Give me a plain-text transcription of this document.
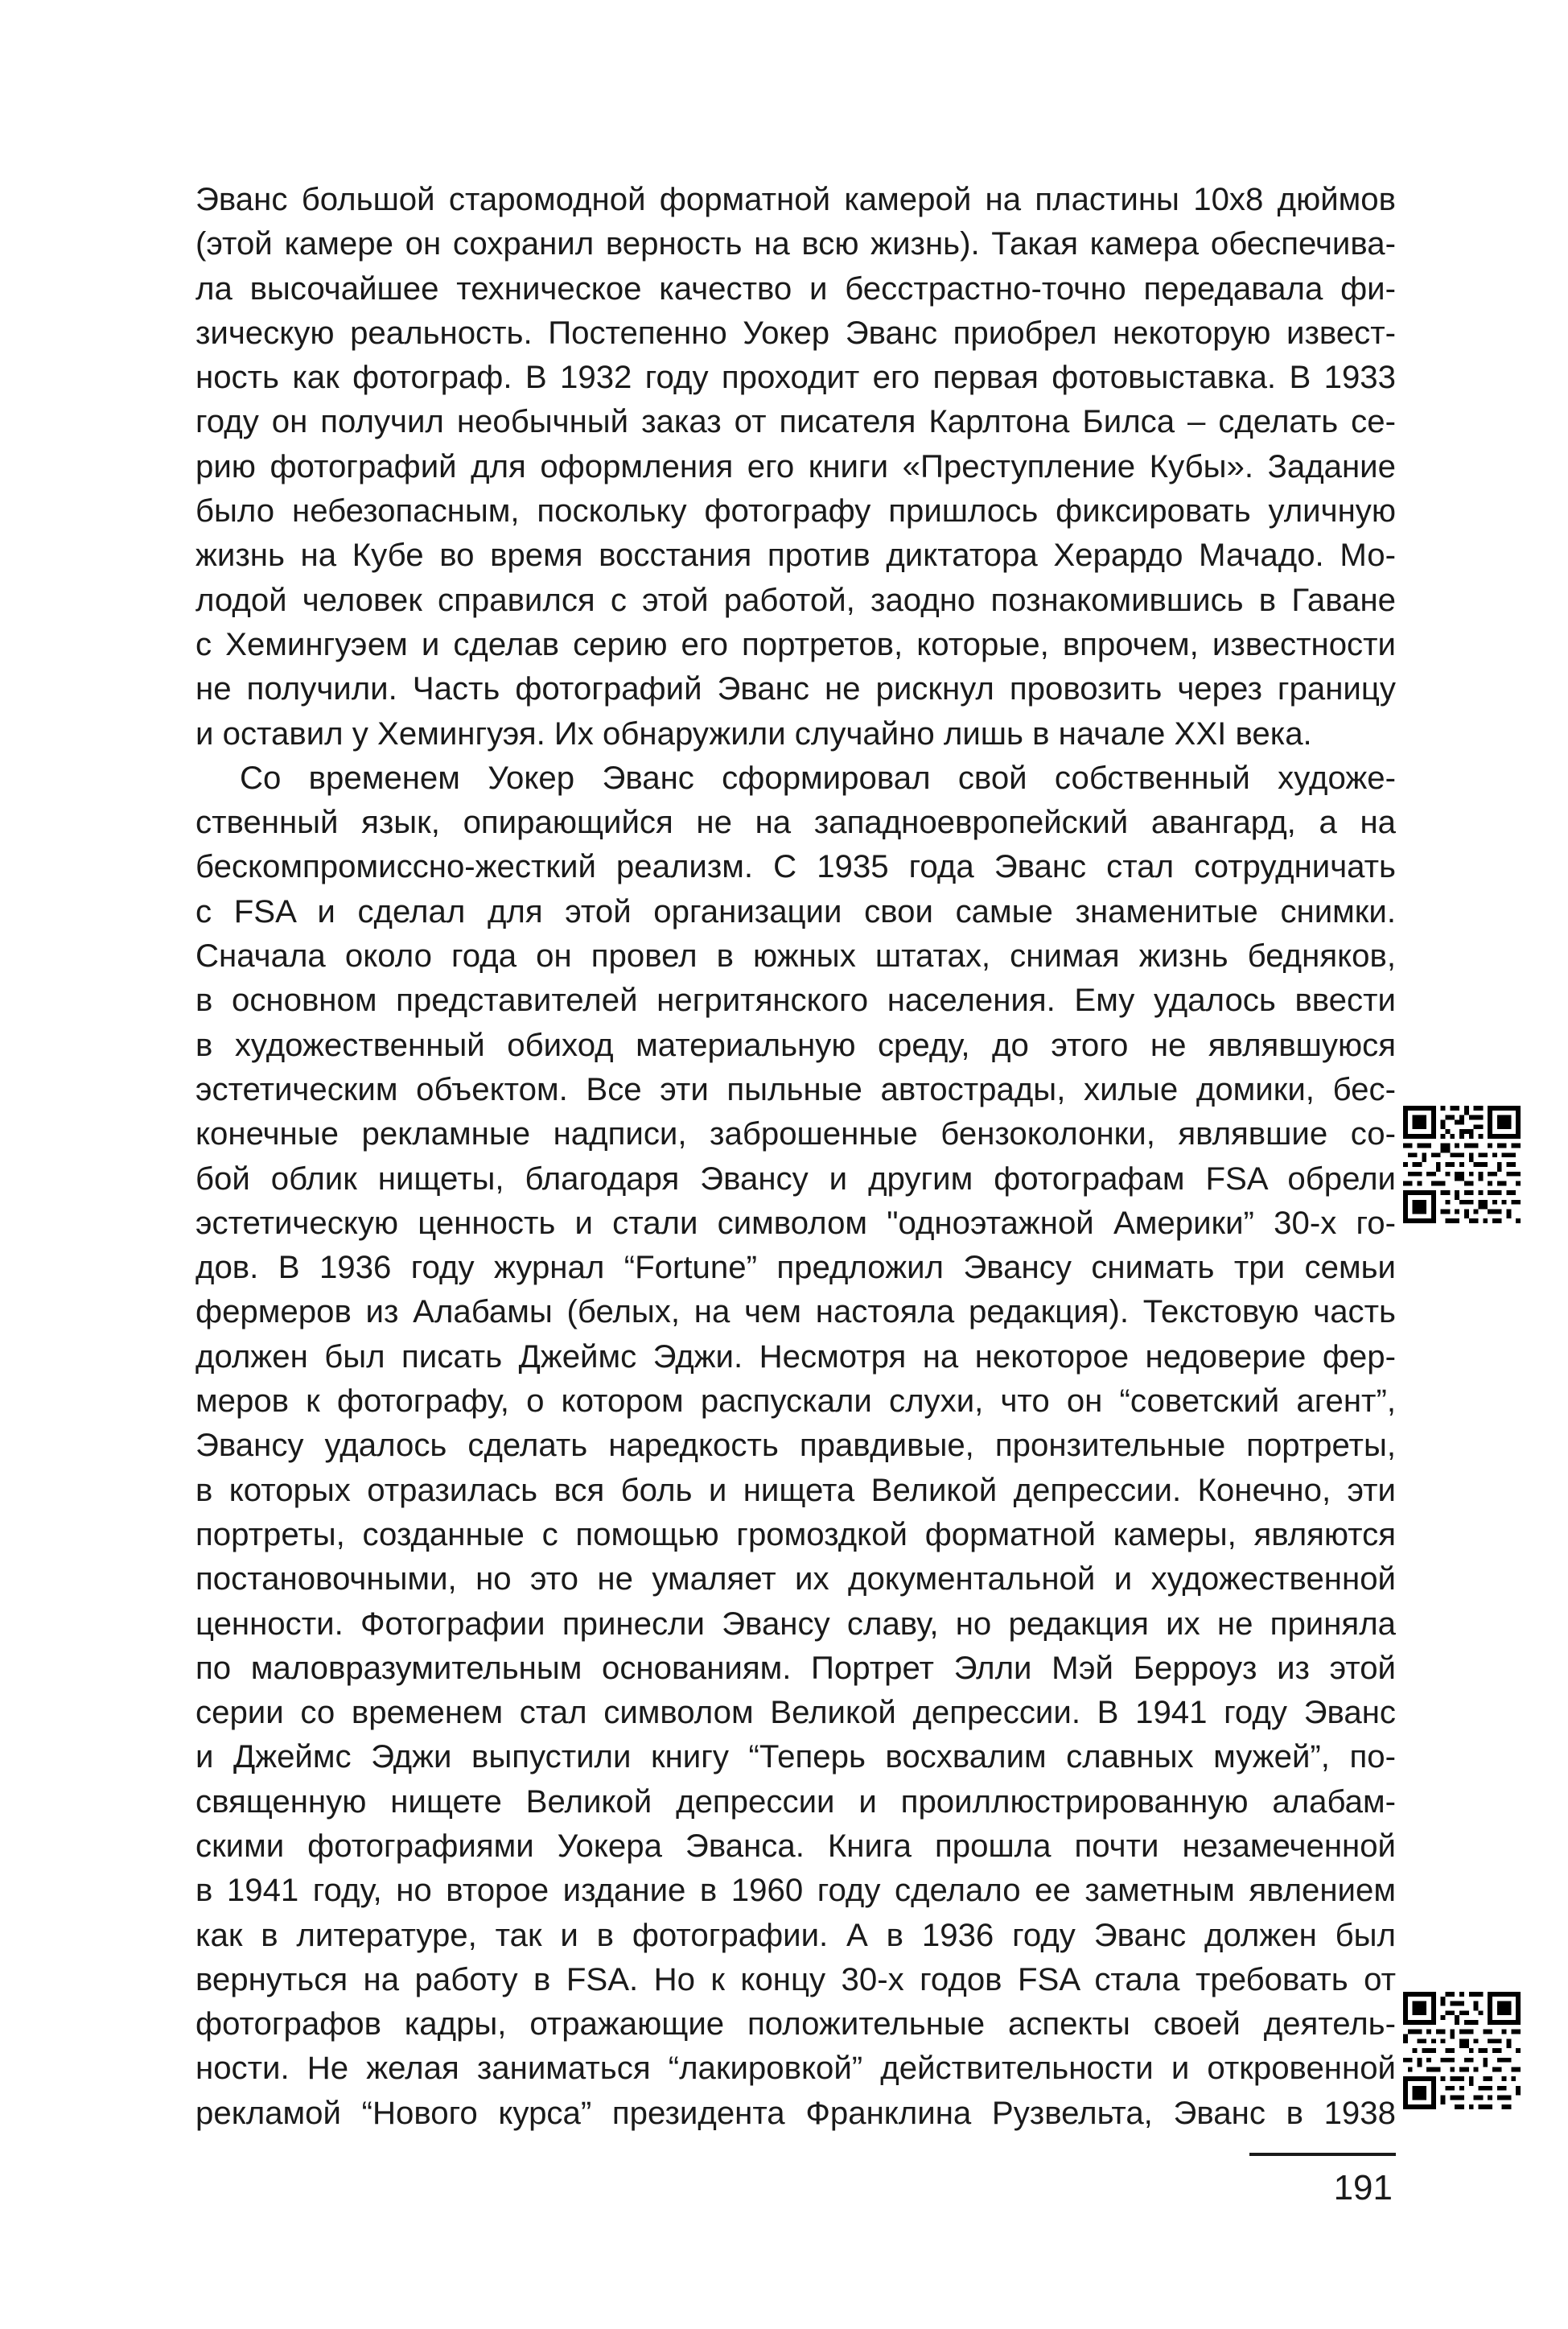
Эванс большой старомодной форматной камерой на пластины 10х8 дюймов
(этой камере он сохранил верность на всю жизнь). Такая камера обеспечива-
ла высочайшее техническое качество и бесстрастно-точно передавала фи-
зическую реальность. Постепенно Уокер Эванс приобрел некоторую извест-
ность как фотограф. В 1932 году проходит его первая фотовыставка. В 1933
году он получил необычный заказ от писателя Карлтона Билса – сделать се-
рию фотографий для оформления его книги «Преступление Кубы». Задание
было небезопасным, поскольку фотографу пришлось фиксировать уличную
жизнь на Кубе во время восстания против диктатора Херардо Мачадо. Мо-
лодой человек справился с этой работой, заодно познакомившись в Гаване
с Хемингуэем и сделав серию его портретов, которые, впрочем, известности
не получили. Часть фотографий Эванс не рискнул провозить через границу
и оставил у Хемингуэя. Их обнаружили случайно лишь в начале XXI века.
Со временем Уокер Эванс сформировал свой собственный художе-
ственный язык, опирающийся не на западноевропейский авангард, а на
бескомпромиссно-жесткий реализм. С 1935 года Эванс стал сотрудничать
с FSA и сделал для этой организации свои самые знаменитые снимки.
Сначала около года он провел в южных штатах, снимая жизнь бедняков,
в основном представителей негритянского населения. Ему удалось ввести
в художественный обиход материальную среду, до этого не являвшуюся
эстетическим объектом. Все эти пыльные автострады, хилые домики, бес-
конечные рекламные надписи, заброшенные бензоколонки, являвшие со-
бой облик нищеты, благодаря Эвансу и другим фотографам FSA обрели
эстетическую ценность и стали символом "одноэтажной Америки” 30-х го-
дов. В 1936 году журнал “Fortune” предложил Эвансу снимать три семьи
фермеров из Алабамы (белых, на чем настояла редакция). Текстовую часть
должен был писать Джеймс Эджи. Несмотря на некоторое недоверие фер-
меров к фотографу, о котором распускали слухи, что он “советский агент”,
Эвансу удалось сделать наредкость правдивые, пронзительные портреты,
в которых отразилась вся боль и нищета Великой депрессии. Конечно, эти
портреты, созданные с помощью громоздкой форматной камеры, являются
постановочными, но это не умаляет их документальной и художественной
ценности. Фотографии принесли Эвансу славу, но редакция их не приняла
по маловразумительным основаниям. Портрет Элли Мэй Берроуз из этой
серии со временем стал символом Великой депрессии. В 1941 году Эванс
и Джеймс Эджи выпустили книгу “Теперь восхвалим славных мужей”, по-
священную нищете Великой депрессии и проиллюстрированную алабам-
скими фотографиями Уокера Эванса. Книга прошла почти незамеченной
в 1941 году, но второе издание в 1960 году сделало ее заметным явлением
как в литературе, так и в фотографии. А в 1936 году Эванс должен был
вернуться на работу в FSA. Но к концу 30-х годов FSA стала требовать от
фотографов кадры, отражающие положительные аспекты своей деятель-
ности. Не желая заниматься “лакировкой” действительности и откровенной
рекламой “Нового курса” президента Франклина Рузвельта, Эванс в 1938
191
